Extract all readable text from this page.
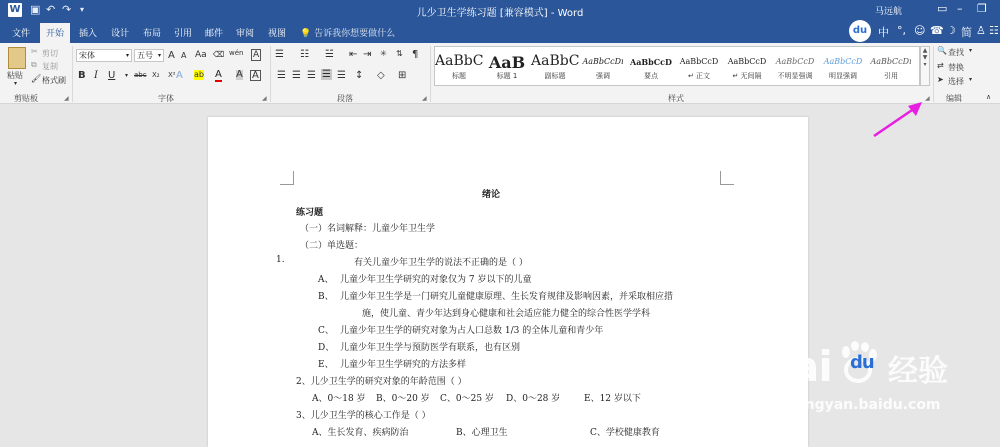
W ▣ ↶ ↷ ▾	儿少卫生学练习题 [兼容模式] - Word	马远航	▭ – ❐
文件	开始	插入 设计 布局 引用 邮件 审阅 视图 💡 告诉我你想要做什么	du 中 °, ☺ ☎ ☽ 简 ♙ ☷
粘贴
▾
✂ 剪切
⧉ 复制
🖌 格式刷
剪贴板	◢
宋体	▾	五号 ▾ A A Aa ⌫ wén A
B I U ▾ abc X₂ X² A ab A A A
字体	◢
☰ ☷ ☱ ⇤ ⇥ ✳ ⇅ ¶
☰ ☰ ☰ ☰ ☰ ↕ ◇ ⊞
段落	◢
AaBbC
标题
AaB
标题 1
AaBbC
副标题
AaBbCcDı
强调
AaBbCcD
要点
AaBbCcD
↵ 正文
AaBbCcD
↵ 无间隔
AaBbCcD
不明显强调
AaBbCcD
明显强调
AaBbCcDı
引用
▲
▼
▾
样式	◢
🔍 查找 ▾
⇄ 替换
➤ 选择 ▾
编辑	∧
绪论
练习题
（一）名词解释：儿童少年卫生学
（二）单选题：
1.	有关儿童少年卫生学的说法不正确的是（ ）
A、 儿童少年卫生学研究的对象仅为 7 岁以下的儿童
B、 儿童少年卫生学是一门研究儿童健康原理、生长发育规律及影响因素，并采取相应措
施，使儿童、青少年达到身心健康和社会适应能力健全的综合性医学学科
C、 儿童少年卫生学的研究对象为占人口总数 1/3 的全体儿童和青少年
D、 儿童少年卫生学与预防医学有联系，也有区别
E、 儿童少年卫生学研究的方法多样
2、儿少卫生学的研究对象的年龄范围（ ）
A、0～18 岁 B、0～20 岁 C、0～25 岁 D、0～28 岁	E、12 岁以下
3、儿少卫生学的核心工作是（ ）
A、生长发育、疾病防治	B、心理卫生	C、学校健康教育
Bai du 经验
jingyan.baidu.com
